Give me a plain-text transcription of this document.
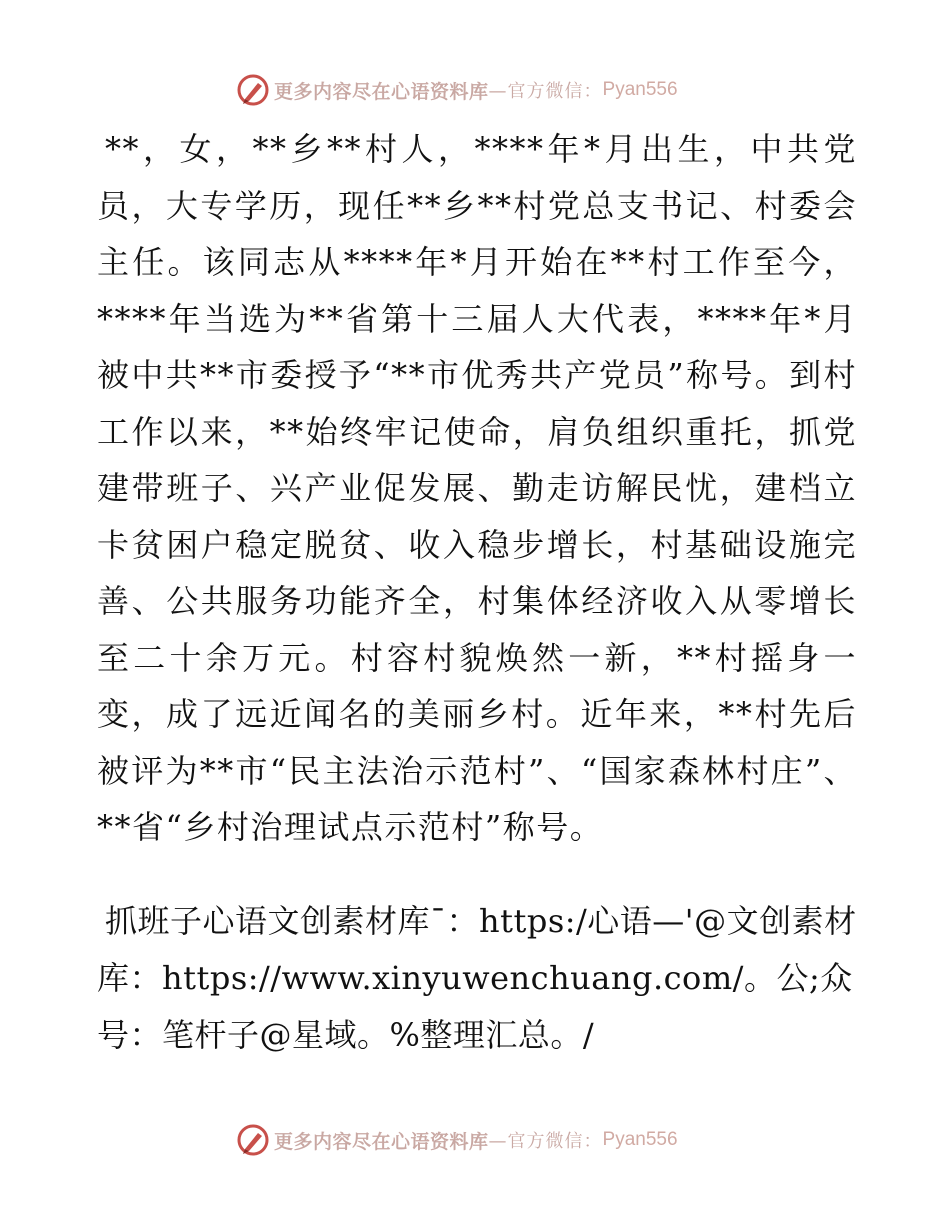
更多内容尽在心语资料库 —官方微信： Pyan556

**，女，**乡**村人，****年*月出生，中共党员，大专学历，现任**乡**村党总支书记、村委会主任。该同志从****年*月开始在**村工作至今，****年当选为**省第十三届人大代表，****年*月被中共**市委授予“**市优秀共产党员”称号。到村工作以来，**始终牢记使命，肩负组织重托，抓党建带班子、兴产业促发展、勤走访解民忧，建档立卡贫困户稳定脱贫、收入稳步增长，村基础设施完善、公共服务功能齐全，村集体经济收入从零增长至二十余万元。村容村貌焕然一新，**村摇身一变，成了远近闻名的美丽乡村。近年来，**村先后被评为**市“民主法治示范村”、“国家森林村庄”、**省“乡村治理试点示范村”称号。

抓班子心语文创素材库¯：https:/心语—'@文创素材库：https://www.xinyuwenchuang.com/。公;众号：笔杆子@星域。%整理汇总。/

更多内容尽在心语资料库 —官方微信： Pyan556
